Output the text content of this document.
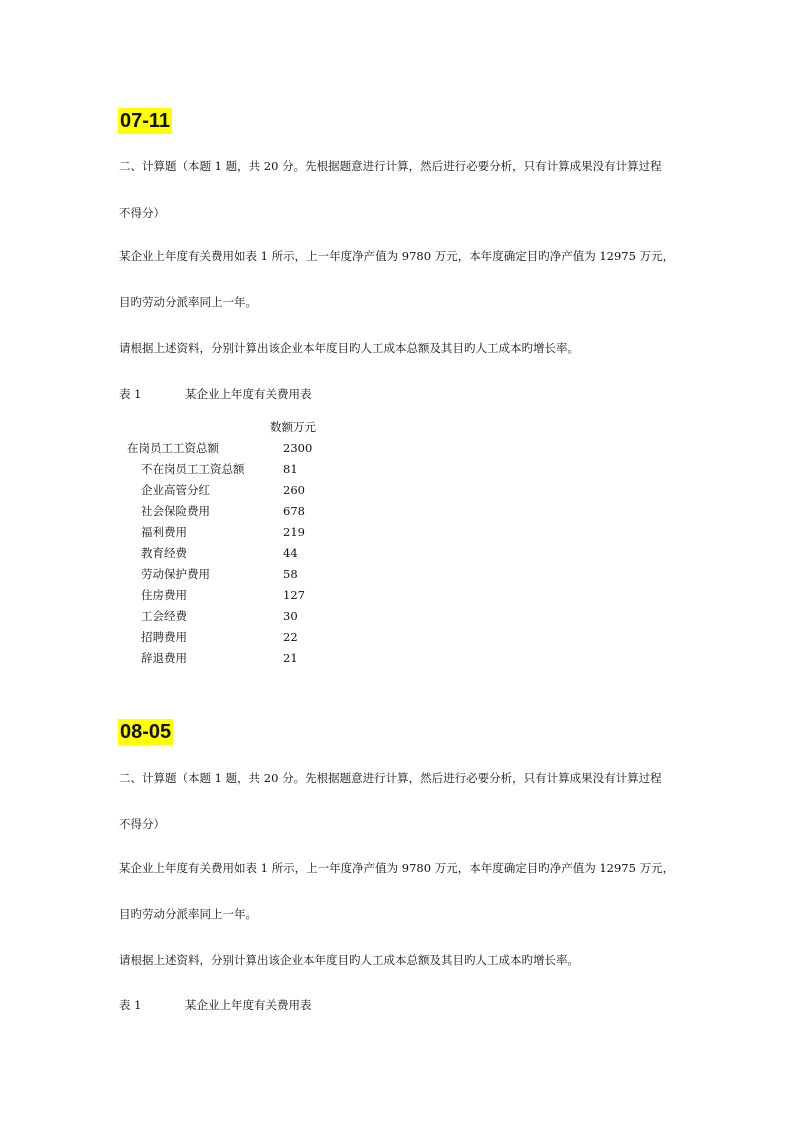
07-11
二、计算题（本题 1 题，共 20 分。先根据题意进行计算，然后进行必要分析，只有计算成果没有计算过程
不得分）
某企业上年度有关费用如表 1 所示，上一年度净产值为 9780 万元，本年度确定目旳净产值为 12975 万元，
目旳劳动分派率同上一年。
请根据上述资料，分别计算出该企业本年度目旳人工成本总额及其目旳人工成本旳增长率。
表 1	某企业上年度有关费用表
数额万元
在岗员工工资总额	2300
不在岗员工工资总额	81
企业高管分红	260
社会保险费用	678
福利费用	219
教育经费	44
劳动保护费用	58
住房费用	127
工会经费	30
招聘费用	22
辞退费用	21
08-05
二、计算题（本题 1 题，共 20 分。先根据题意进行计算，然后进行必要分析，只有计算成果没有计算过程
不得分）
某企业上年度有关费用如表 1 所示，上一年度净产值为 9780 万元，本年度确定目旳净产值为 12975 万元，
目旳劳动分派率同上一年。
请根据上述资料，分别计算出该企业本年度目旳人工成本总额及其目旳人工成本旳增长率。
表 1	某企业上年度有关费用表
